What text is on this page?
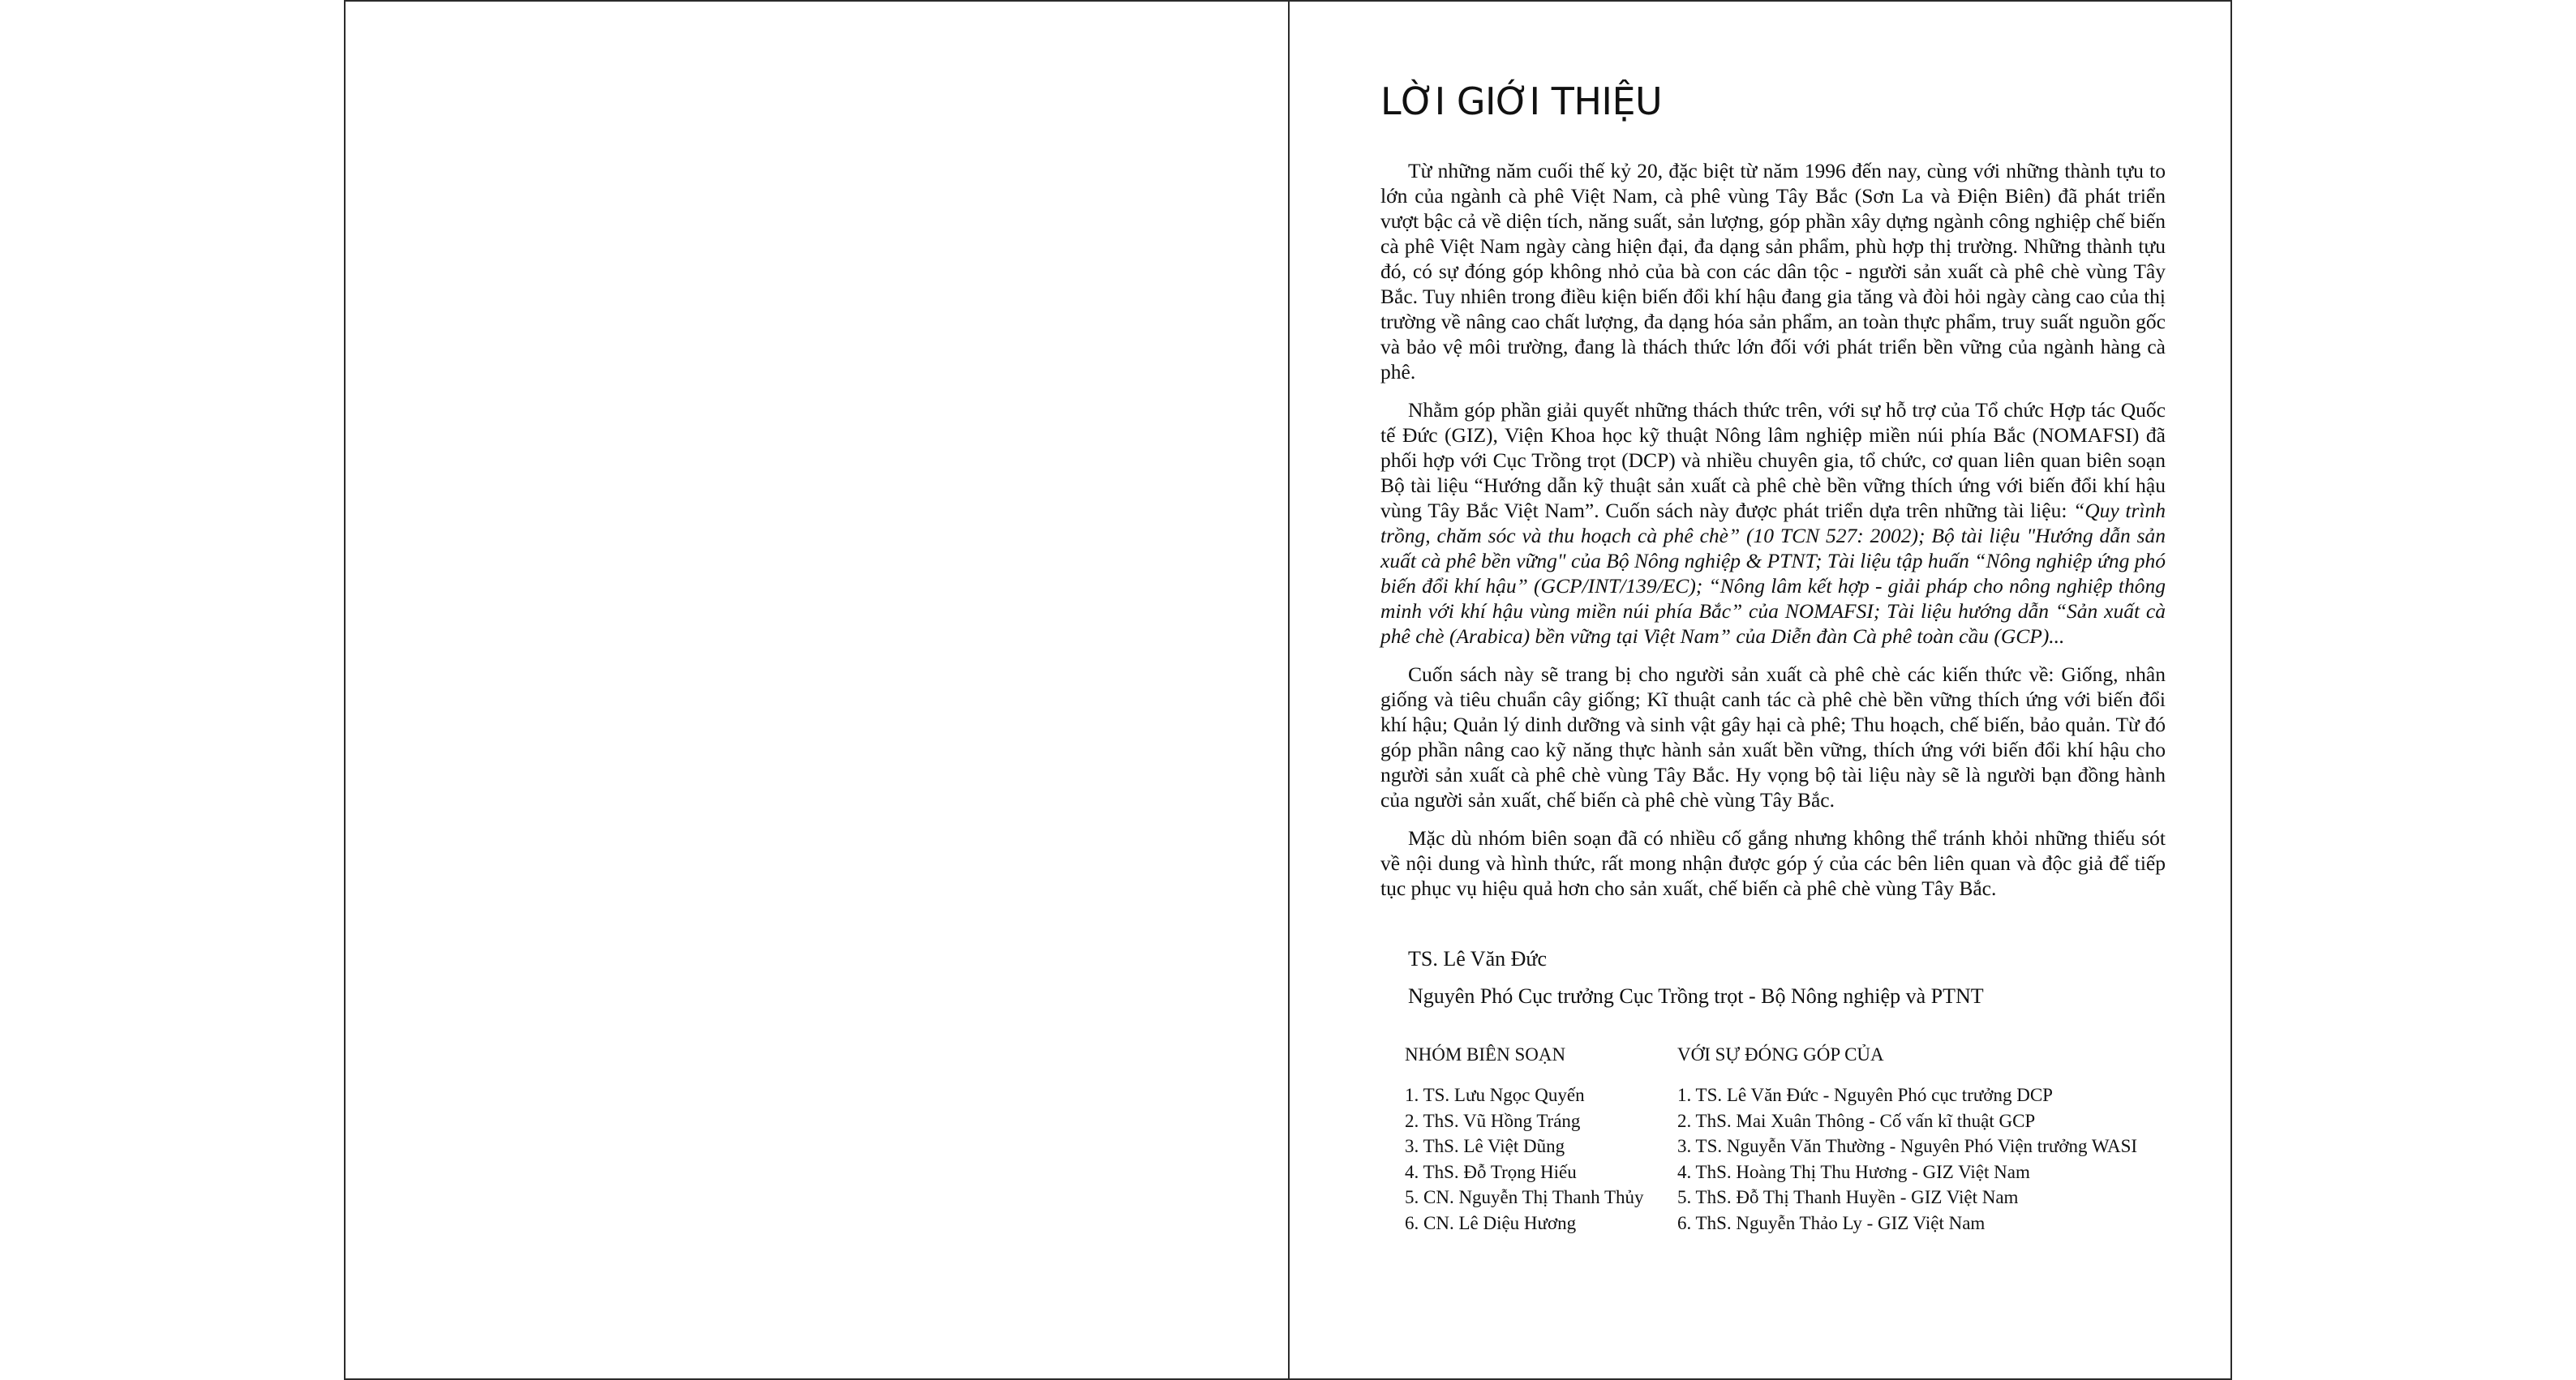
LỜI GIỚI THIỆU

Từ những năm cuối thế kỷ 20, đặc biệt từ năm 1996 đến nay, cùng với những thành tựu to lớn của ngành cà phê Việt Nam, cà phê vùng Tây Bắc (Sơn La và Điện Biên) đã phát triển vượt bậc cả về diện tích, năng suất, sản lượng, góp phần xây dựng ngành công nghiệp chế biến cà phê Việt Nam ngày càng hiện đại, đa dạng sản phẩm, phù hợp thị trường. Những thành tựu đó, có sự đóng góp không nhỏ của bà con các dân tộc - người sản xuất cà phê chè vùng Tây Bắc. Tuy nhiên trong điều kiện biến đổi khí hậu đang gia tăng và đòi hỏi ngày càng cao của thị trường về nâng cao chất lượng, đa dạng hóa sản phẩm, an toàn thực phẩm, truy suất nguồn gốc và bảo vệ môi trường, đang là thách thức lớn đối với phát triển bền vững của ngành hàng cà phê.

Nhằm góp phần giải quyết những thách thức trên, với sự hỗ trợ của Tổ chức Hợp tác Quốc tế Đức (GIZ), Viện Khoa học kỹ thuật Nông lâm nghiệp miền núi phía Bắc (NOMAFSI) đã phối hợp với Cục Trồng trọt (DCP) và nhiều chuyên gia, tổ chức, cơ quan liên quan biên soạn Bộ tài liệu “Hướng dẫn kỹ thuật sản xuất cà phê chè bền vững thích ứng với biến đổi khí hậu vùng Tây Bắc Việt Nam”. Cuốn sách này được phát triển dựa trên những tài liệu: “Quy trình trồng, chăm sóc và thu hoạch cà phê chè” (10 TCN 527: 2002); Bộ tài liệu "Hướng dẫn sản xuất cà phê bền vững" của Bộ Nông nghiệp & PTNT; Tài liệu tập huấn “Nông nghiệp ứng phó biến đổi khí hậu” (GCP/INT/139/EC); “Nông lâm kết hợp - giải pháp cho nông nghiệp thông minh với khí hậu vùng miền núi phía Bắc” của NOMAFSI; Tài liệu hướng dẫn “Sản xuất cà phê chè (Arabica) bền vững tại Việt Nam” của Diễn đàn Cà phê toàn cầu (GCP)...

Cuốn sách này sẽ trang bị cho người sản xuất cà phê chè các kiến thức về: Giống, nhân giống và tiêu chuẩn cây giống; Kĩ thuật canh tác cà phê chè bền vững thích ứng với biến đổi khí hậu; Quản lý dinh dưỡng và sinh vật gây hại cà phê; Thu hoạch, chế biến, bảo quản. Từ đó góp phần nâng cao kỹ năng thực hành sản xuất bền vững, thích ứng với biến đổi khí hậu cho người sản xuất cà phê chè vùng Tây Bắc. Hy vọng bộ tài liệu này sẽ là người bạn đồng hành của người sản xuất, chế biến cà phê chè vùng Tây Bắc.

Mặc dù nhóm biên soạn đã có nhiều cố gắng nhưng không thể tránh khỏi những thiếu sót về nội dung và hình thức, rất mong nhận được góp ý của các bên liên quan và độc giả để tiếp tục phục vụ hiệu quả hơn cho sản xuất, chế biến cà phê chè vùng Tây Bắc.

TS. Lê Văn Đức
Nguyên Phó Cục trưởng Cục Trồng trọt - Bộ Nông nghiệp và PTNT
NHÓM BIÊN SOẠN
1. TS. Lưu Ngọc Quyến
2. ThS. Vũ Hồng Tráng
3. ThS. Lê Việt Dũng
4. ThS. Đỗ Trọng Hiếu
5. CN. Nguyễn Thị Thanh Thủy
6. CN. Lê Diệu Hương
VỚI SỰ ĐÓNG GÓP CỦA
1. TS. Lê Văn Đức - Nguyên Phó cục trưởng DCP
2. ThS. Mai Xuân Thông - Cố vấn kĩ thuật GCP
3. TS. Nguyễn Văn Thường - Nguyên Phó Viện trưởng WASI
4. ThS. Hoàng Thị Thu Hương - GIZ Việt Nam
5. ThS. Đỗ Thị Thanh Huyền - GIZ Việt Nam
6. ThS. Nguyễn Thảo Ly - GIZ Việt Nam
